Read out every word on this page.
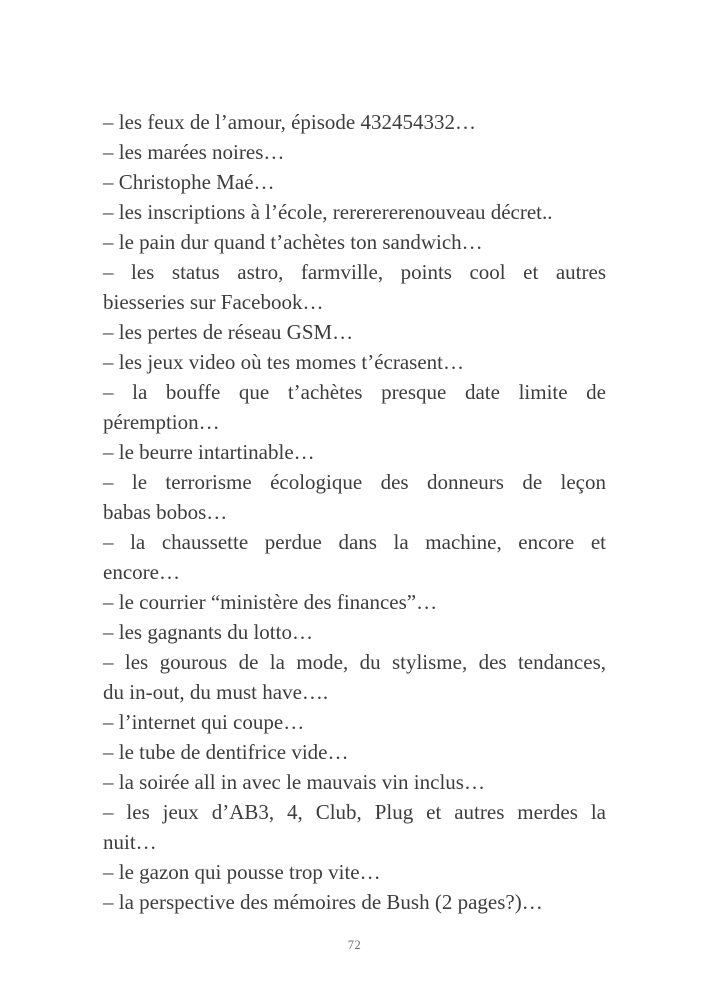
– les feux de l’amour, épisode 432454332…

– les marées noires…

– Christophe Maé…

– les inscriptions à l’école, rererererenouveau décret..

– le pain dur quand t’achètes ton sandwich…

– les status astro, farmville, points cool et autres
biesseries sur Facebook…

– les pertes de réseau GSM…

– les jeux video où tes momes t’écrasent…

– la bouffe que t’achètes presque date limite de
péremption…

– le beurre intartinable…

– le terrorisme écologique des donneurs de leçon
babas bobos…

– la chaussette perdue dans la machine, encore et
encore…

– le courrier “ministère des finances”…

– les gagnants du lotto…

– les gourous de la mode, du stylisme, des tendances,
du in-out, du must have….

– l’internet qui coupe…

– le tube de dentifrice vide…

– la soirée all in avec le mauvais vin inclus…

– les jeux d’AB3, 4, Club, Plug et autres merdes la
nuit…

– le gazon qui pousse trop vite…

– la perspective des mémoires de Bush (2 pages?)…

72
